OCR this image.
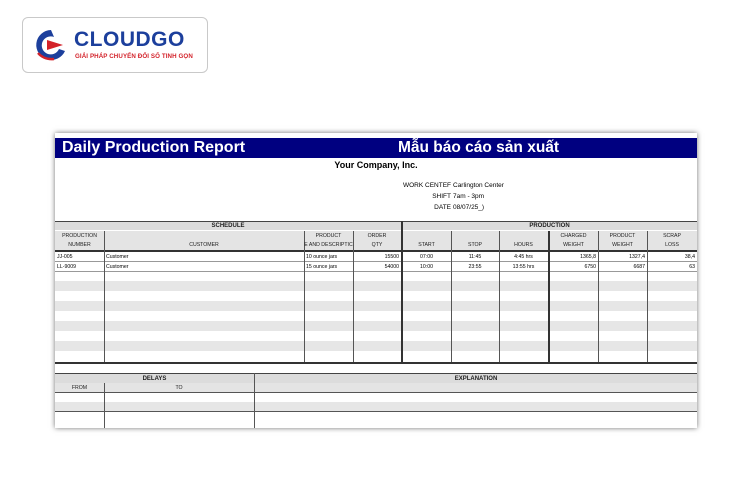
CLOUDGO
GIẢI PHÁP CHUYỂN ĐỔI SỐ TINH GỌN
Daily Production Report	Mẫu báo cáo sản xuất
Your Company, Inc.
WORK CENTEF Carlington Center
SHIFT 7am - 3pm
DATE 08/07/25_)
SCHEDULE	PRODUCTION
PRODUCTION	PRODUCT	ORDER	CHARGED	PRODUCT	SCRAP
NUMBER	CUSTOMER	E AND DESCRIPTIC	QTY	START	STOP	HOURS	WEIGHT	WEIGHT	LOSS
JJ-005	Customer	10 ounce jars	15500	07:00	11:45	4:45 hrs	1365,8	1327,4	38,4
LL-9009	Customer	15 ounce jars	54000	10:00	23:55	13:55 hrs	6750	6687	63
DELAYS	EXPLANATION
FROM	TO
